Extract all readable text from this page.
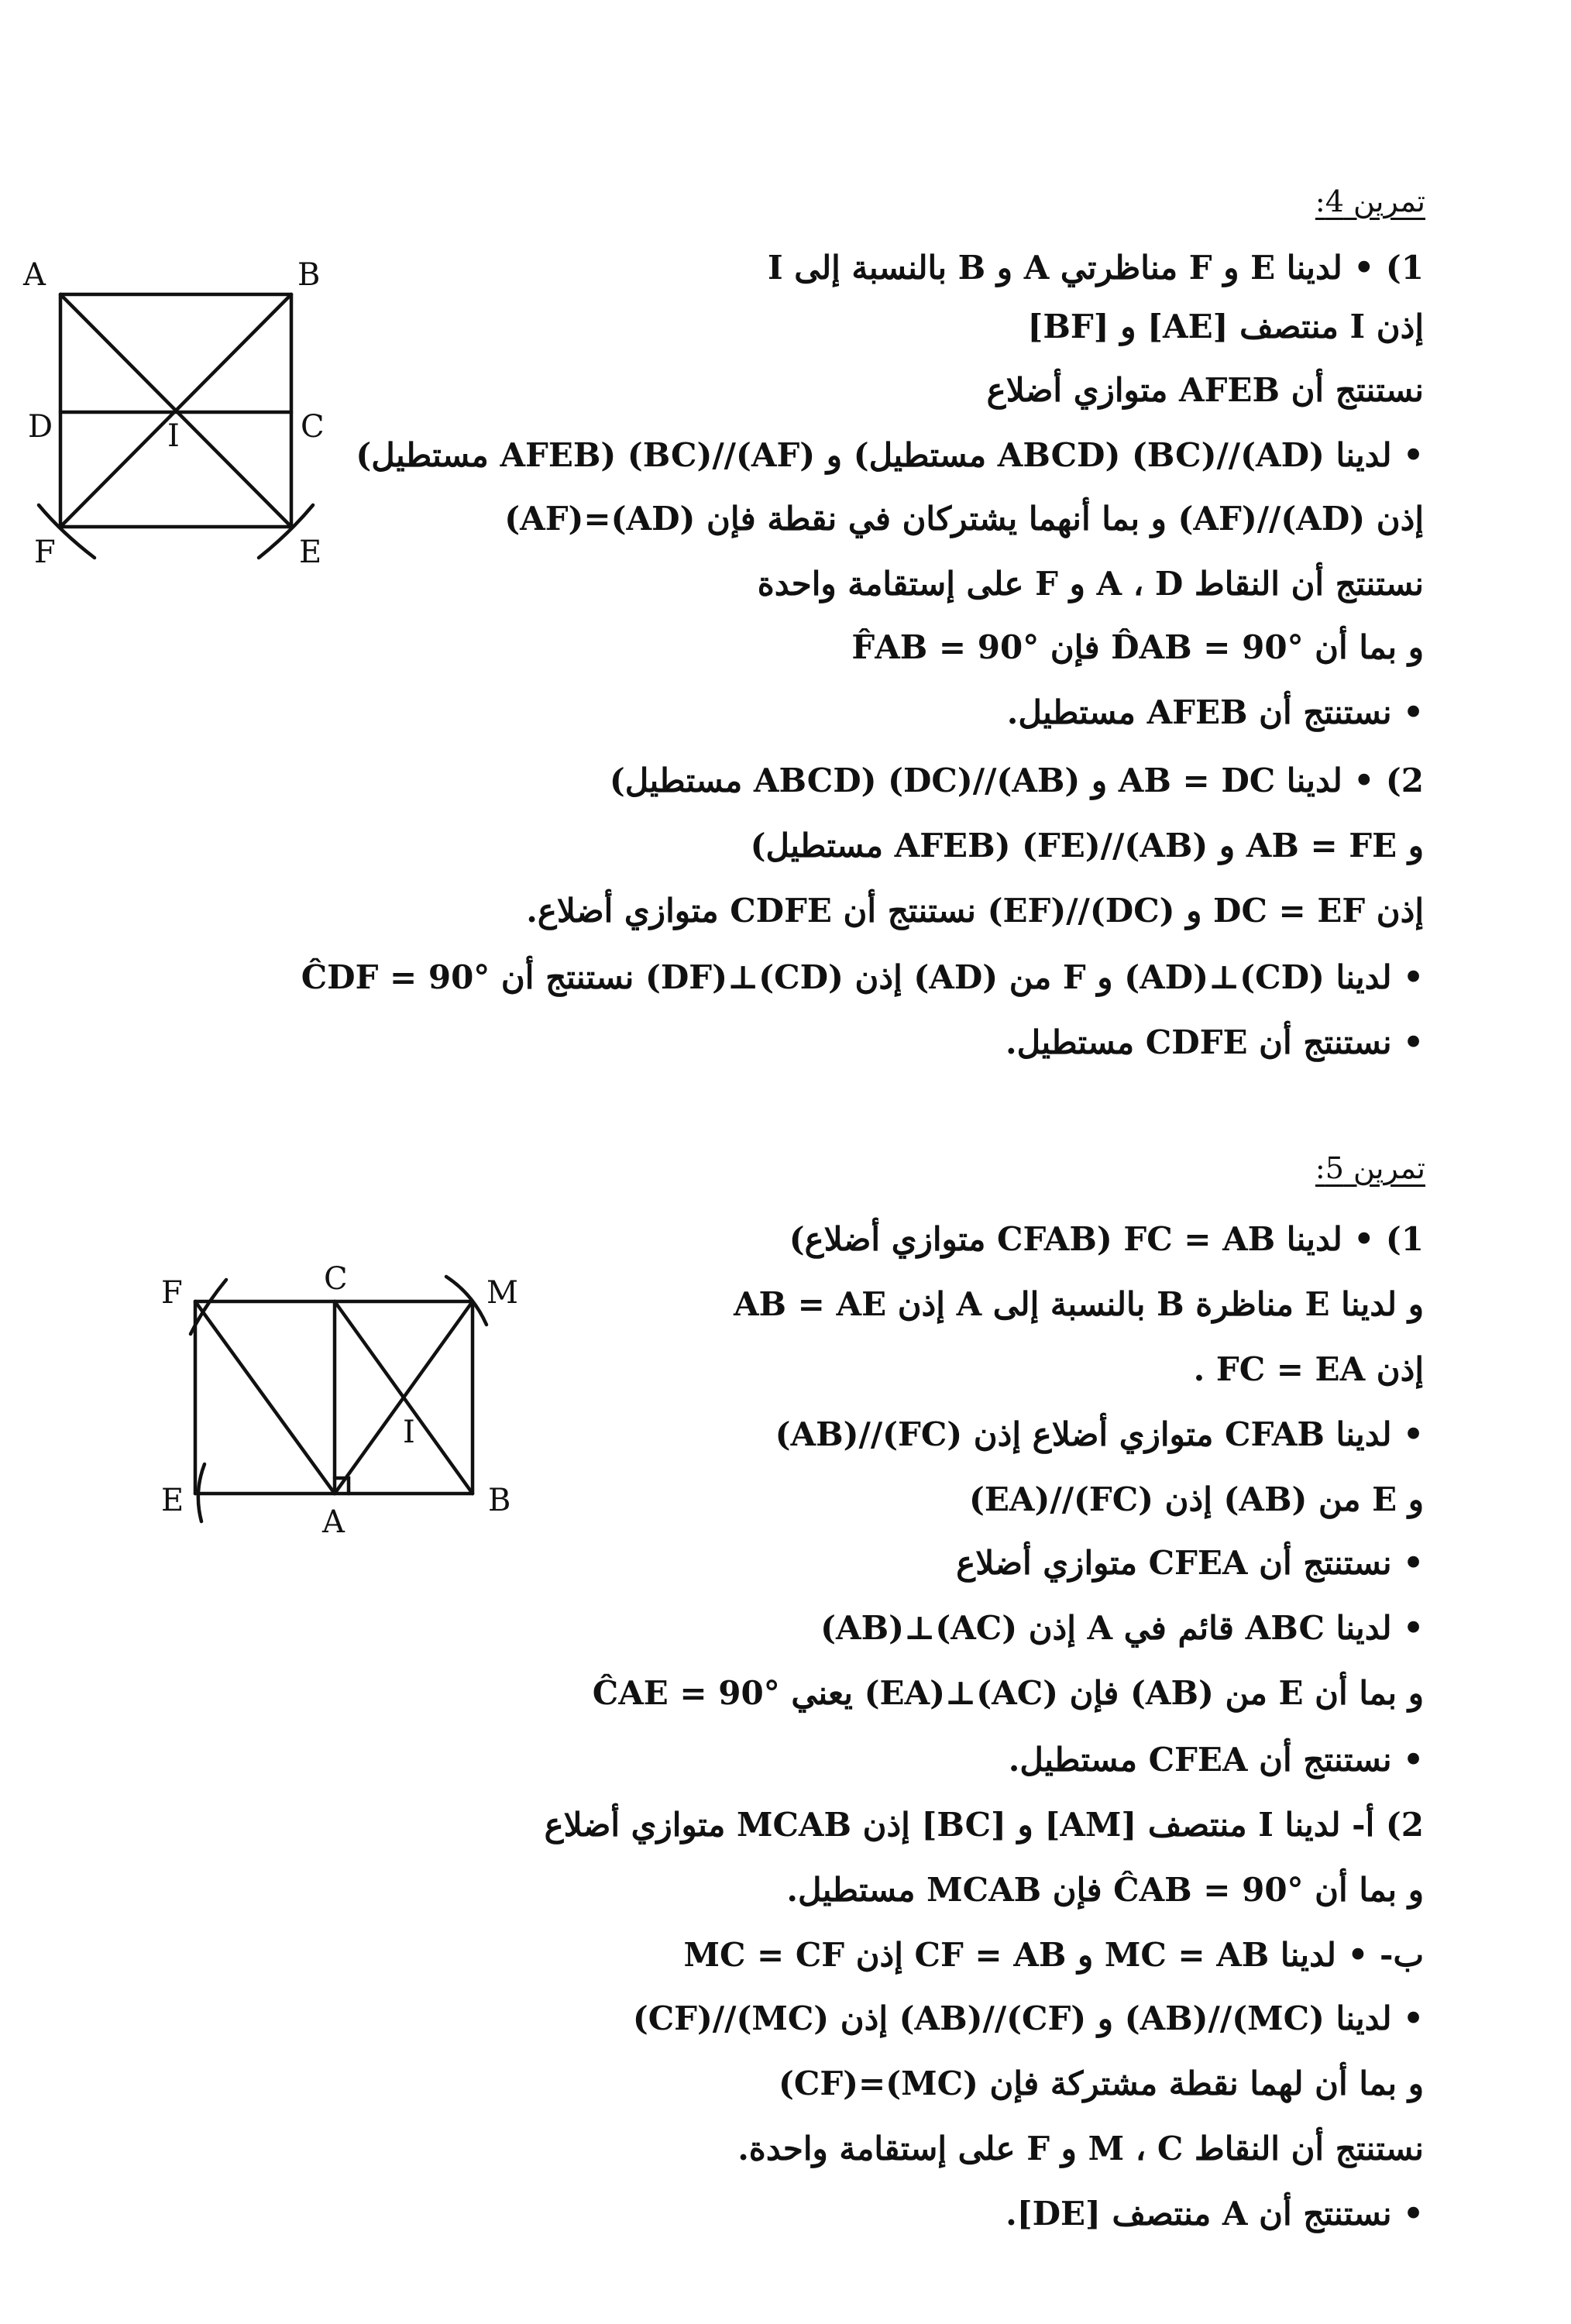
تمرين 4:
1) • لدينا E و F مناظرتي A و B بالنسبة إلى I
إذن I منتصف [AE] و [BF]
نستنتج أن AFEB متوازي أضلاع
• لدينا (AD)//(BC) (ABCD مستطيل) و (AF)//(BC) (AFEB مستطيل)
إذن (AD)//(AF) و بما أنهما يشتركان في نقطة فإن (AD)=(AF)
نستنتج أن النقاط A ، D و F على إستقامة واحدة
و بما أن D̂AB = 90° فإن F̂AB = 90°
• نستنتج أن AFEB مستطيل.
2) • لدينا AB = DC و (AB)//(DC) (ABCD مستطيل)
و AB = FE و (AB)//(FE) (AFEB مستطيل)
إذن DC = EF و (DC)//(EF) نستنتج أن CDFE متوازي أضلاع.
• لدينا (CD)⊥(AD) و F من (AD) إذن (CD)⊥(DF) نستنتج أن ĈDF = 90°
• نستنتج أن CDFE مستطيل.
A	B
D	C
I
F	E
تمرين 5:
1) • لدينا FC = AB (CFAB متوازي أضلاع)
و لدينا E مناظرة B بالنسبة إلى A إذن AB = AE
إذن FC = EA .
• لدينا CFAB متوازي أضلاع إذن (FC)//(AB)
و E من (AB) إذن (FC)//(EA)
• نستنتج أن CFEA متوازي أضلاع
• لدينا ABC قائم في A إذن (AC)⊥(AB)
و بما أن E من (AB) فإن (AC)⊥(EA) يعني ĈAE = 90°
• نستنتج أن CFEA مستطيل.
2) أ- لدينا I منتصف [AM] و [BC] إذن MCAB متوازي أضلاع
و بما أن ĈAB = 90° فإن MCAB مستطيل.
ب- • لدينا MC = AB و CF = AB إذن MC = CF
• لدينا (MC)//(AB) و (CF)//(AB) إذن (MC)//(CF)
و بما أن لهما نقطة مشتركة فإن (MC)=(CF)
نستنتج أن النقاط M ، C و F على إستقامة واحدة.
• نستنتج أن A منتصف [DE].
F	C	M
I
E
A
B
